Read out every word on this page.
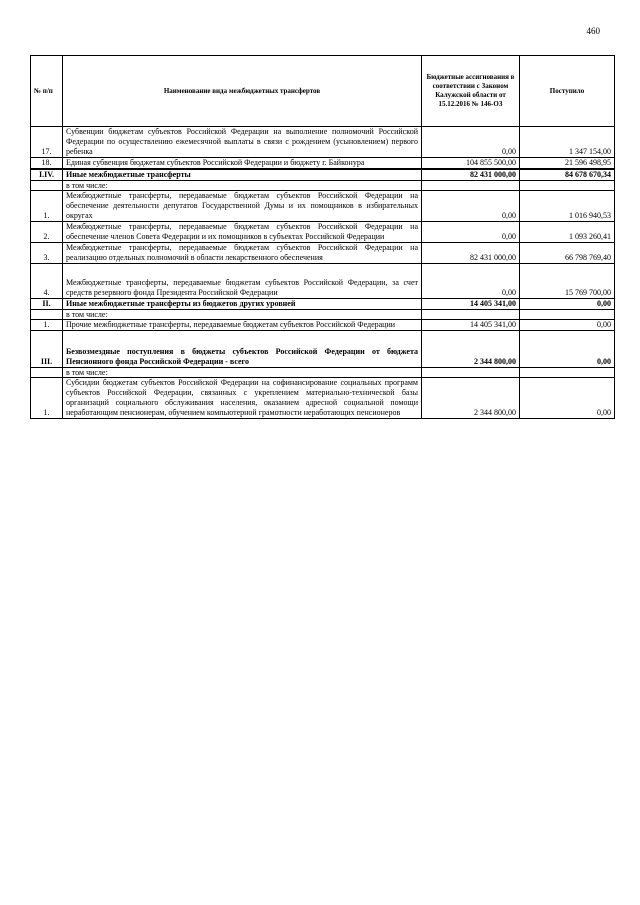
460
№ п/п	Наименование вида межбюджетных трансфертов	Бюджетные ассигнования в соответствии с Законом Калужской области от 15.12.2016 № 146-ОЗ	Поступило
17.	Субвенции бюджетам субъектов Российской Федерации на выполнение полномочий Российской Федерации по осуществлению ежемесячной выплаты в связи с рождением (усыновлением) первого ребенка	0,00	1 347 154,00
18.	Единая субвенция бюджетам субъектов Российской Федерации и бюджету г. Байконура	104 855 500,00	21 596 498,95
I.IV.	Иные межбюджетные трансферты	82 431 000,00	84 678 670,34
	в том числе:		
1.	Межбюджетные трансферты, передаваемые бюджетам субъектов Российской Федерации на обеспечение деятельности депутатов Государственной Думы и их помощников в избирательных округах	0,00	1 016 940,53
2.	Межбюджетные трансферты, передаваемые бюджетам субъектов Российской Федерации на обеспечение членов Совета Федерации и их помощников в субъектах Российской Федерации	0,00	1 093 260,41
3.	Межбюджетные трансферты, передаваемые бюджетам субъектов Российской Федерации на реализацию отдельных полномочий в области лекарственного обеспечения	82 431 000,00	66 798 769,40
4.	Межбюджетные трансферты, передаваемые бюджетам субъектов Российской Федерации, за счет средств резервного фонда Президента Российской Федерации	0,00	15 769 700,00
II.	Иные межбюджетные трансферты из бюджетов других уровней	14 405 341,00	0,00
	в том числе:		
1.	Прочие межбюджетные трансферты, передаваемые бюджетам субъектов Российской Федерации	14 405 341,00	0,00
III.	Безвозмездные поступления в бюджеты субъектов Российской Федерации от бюджета Пенсионного фонда Российской Федерации - всего	2 344 800,00	0,00
	в том числе:		
1.	Субсидии бюджетам субъектов Российской Федерации на софинансирование социальных программ субъектов Российской Федерации, связанных с укреплением материально-технической базы организаций социального обслуживания населения, оказанием адресной социальной помощи неработающим пенсионерам, обучением компьютерной грамотности неработающих пенсионеров	2 344 800,00	0,00
